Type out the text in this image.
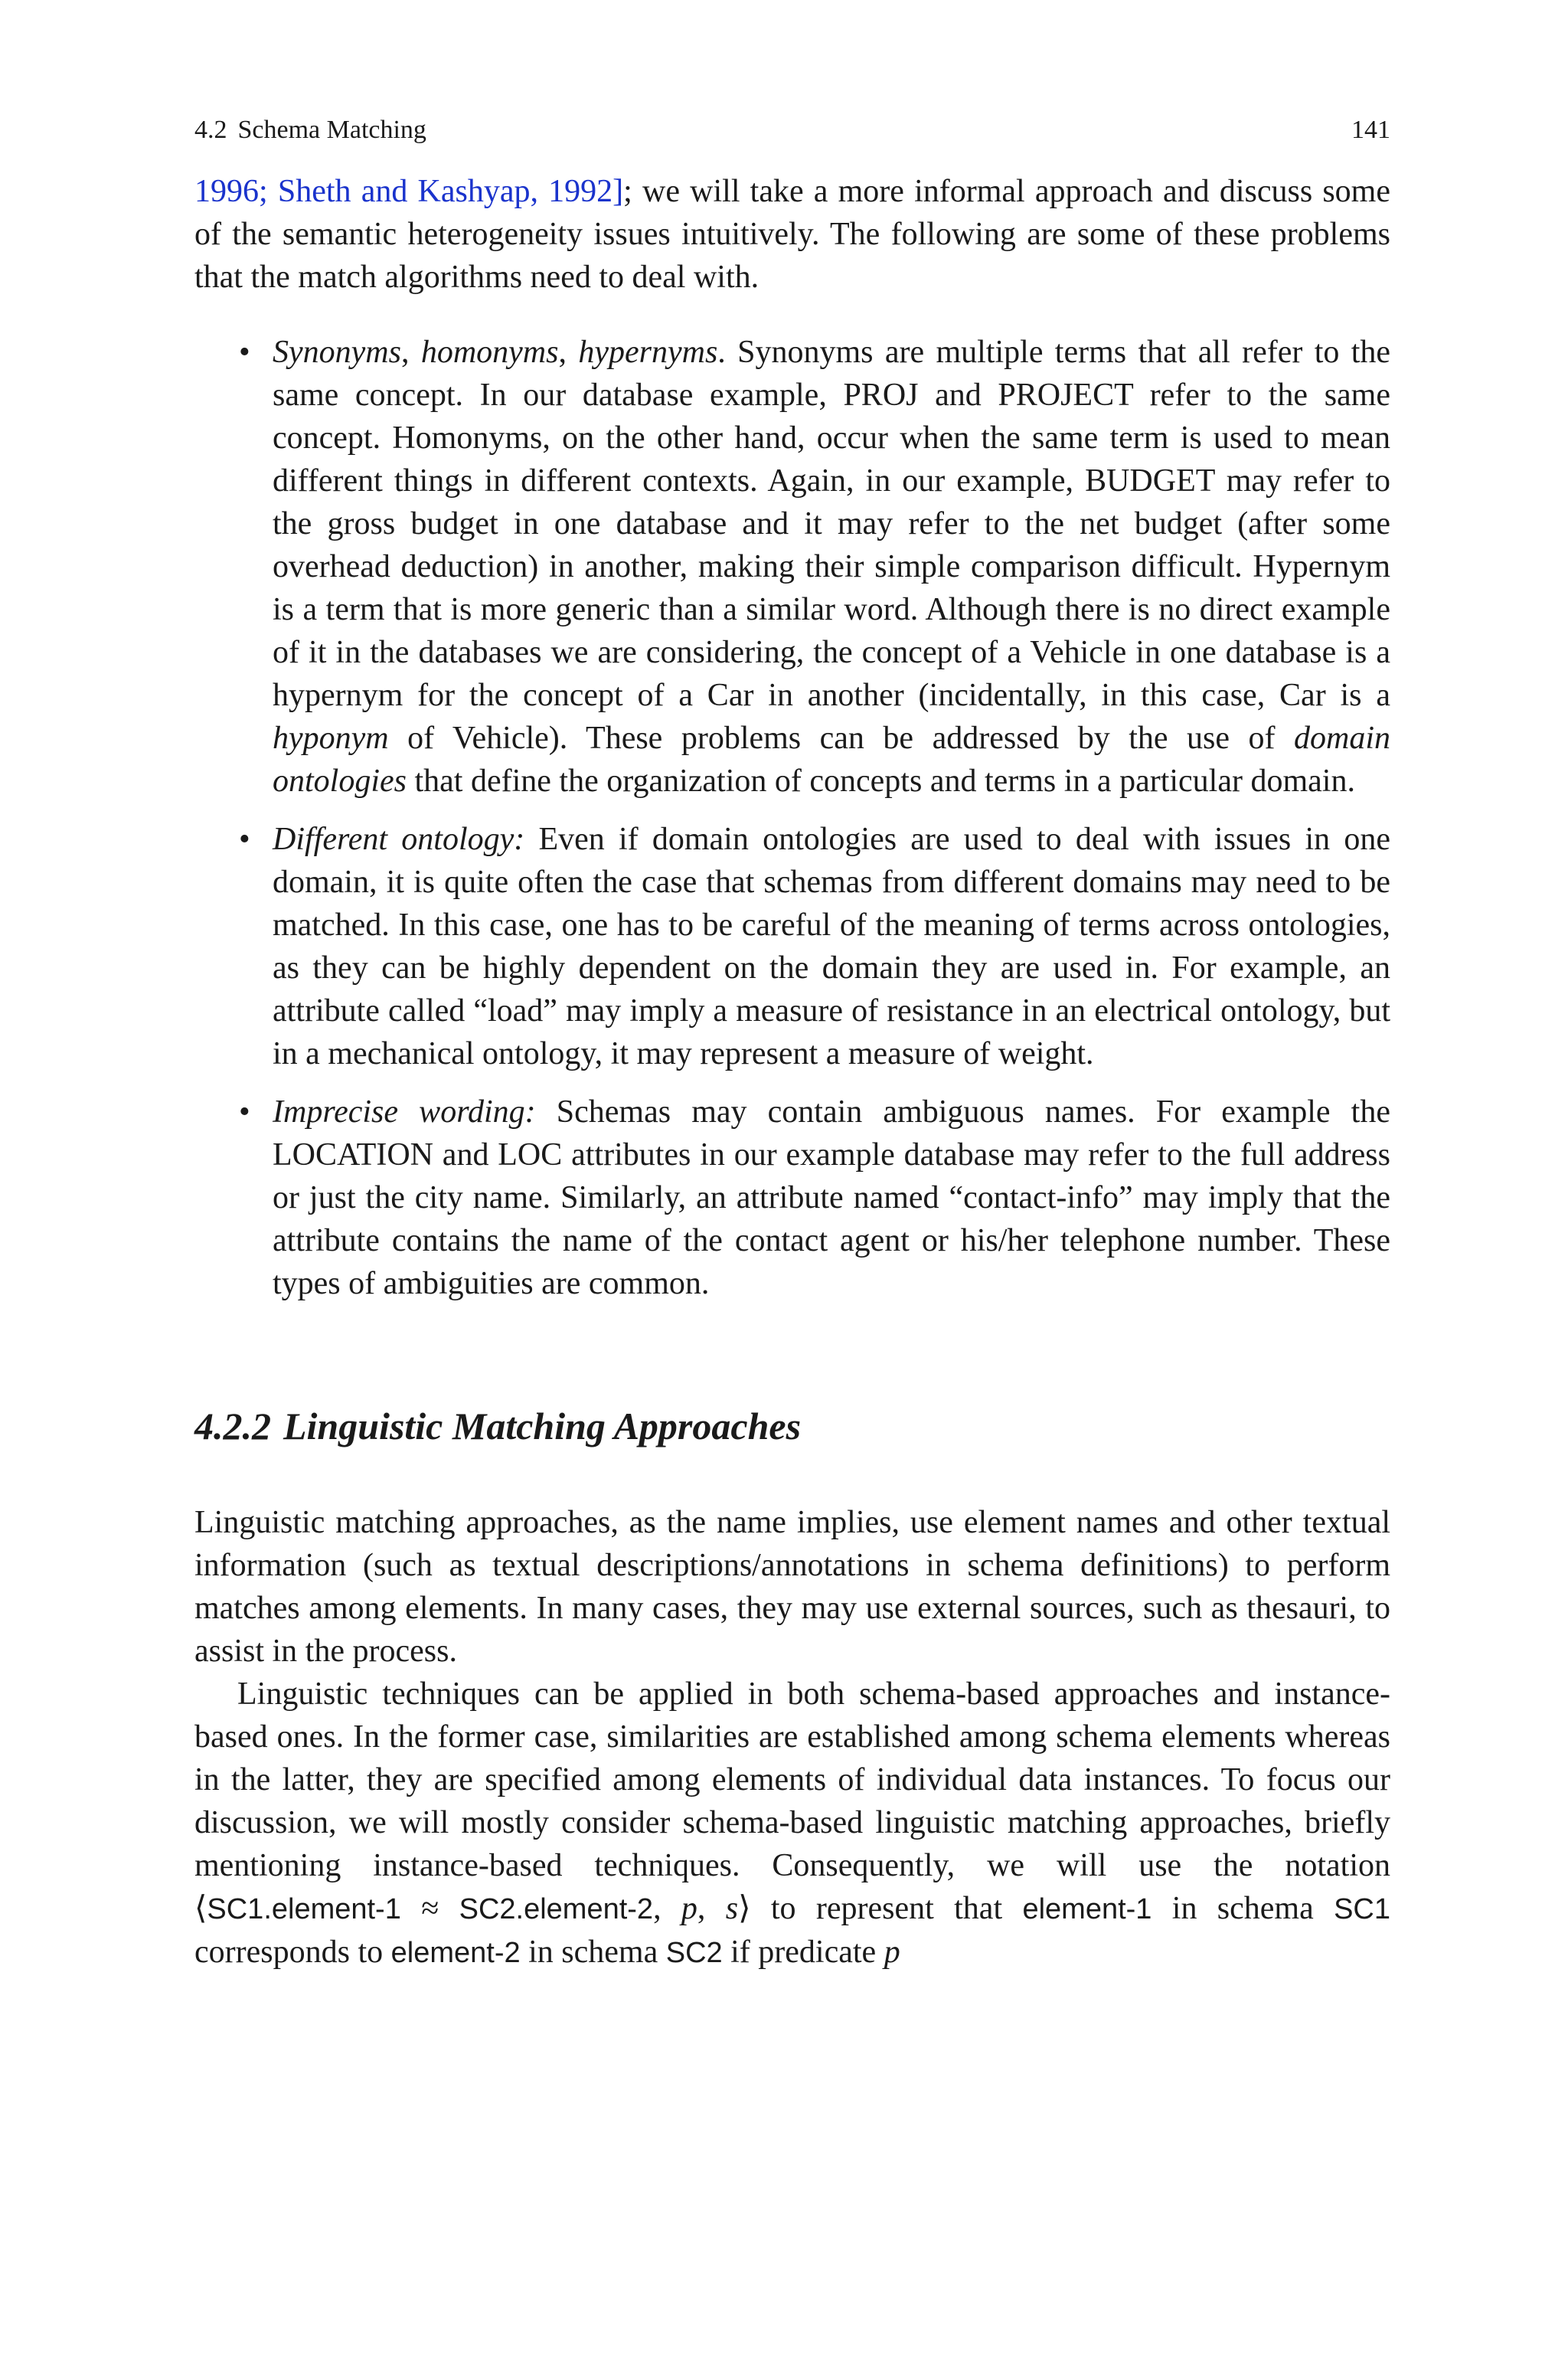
4.2 Schema Matching	141

1996; Sheth and Kashyap, 1992]; we will take a more informal approach and discuss some of the semantic heterogeneity issues intuitively. The following are some of these problems that the match algorithms need to deal with.

• Synonyms, homonyms, hypernyms. Synonyms are multiple terms that all refer to the same concept. In our database example, PROJ and PROJECT refer to the same concept. Homonyms, on the other hand, occur when the same term is used to mean different things in different contexts. Again, in our example, BUDGET may refer to the gross budget in one database and it may refer to the net budget (after some overhead deduction) in another, making their simple comparison difficult. Hypernym is a term that is more generic than a similar word. Although there is no direct example of it in the databases we are considering, the concept of a Vehicle in one database is a hypernym for the concept of a Car in another (incidentally, in this case, Car is a hyponym of Vehicle). These problems can be addressed by the use of domain ontologies that define the organization of concepts and terms in a particular domain.

• Different ontology: Even if domain ontologies are used to deal with issues in one domain, it is quite often the case that schemas from different domains may need to be matched. In this case, one has to be careful of the meaning of terms across ontologies, as they can be highly dependent on the domain they are used in. For example, an attribute called “load” may imply a measure of resistance in an electrical ontology, but in a mechanical ontology, it may represent a measure of weight.

• Imprecise wording: Schemas may contain ambiguous names. For example the LOCATION and LOC attributes in our example database may refer to the full address or just the city name. Similarly, an attribute named “contact-info” may imply that the attribute contains the name of the contact agent or his/her telephone number. These types of ambiguities are common.

4.2.2 Linguistic Matching Approaches

Linguistic matching approaches, as the name implies, use element names and other textual information (such as textual descriptions/annotations in schema definitions) to perform matches among elements. In many cases, they may use external sources, such as thesauri, to assist in the process.

Linguistic techniques can be applied in both schema-based approaches and instance-based ones. In the former case, similarities are established among schema elements whereas in the latter, they are specified among elements of individual data instances. To focus our discussion, we will mostly consider schema-based linguistic matching approaches, briefly mentioning instance-based techniques. Consequently, we will use the notation ⟨SC1.element-1 ≈ SC2.element-2, p, s⟩ to represent that element-1 in schema SC1 corresponds to element-2 in schema SC2 if predicate p
